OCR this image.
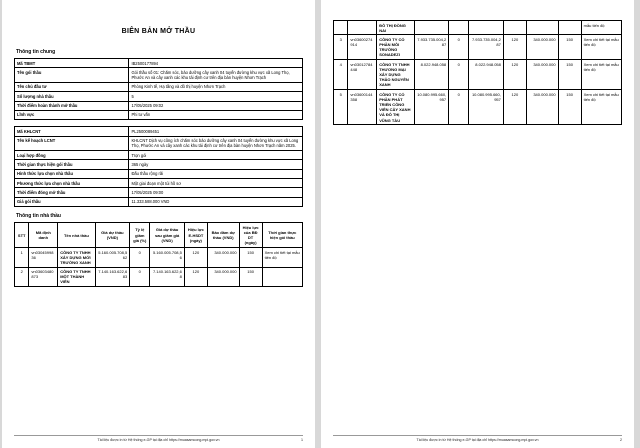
BIÊN BẢN MỞ THẦU
Thông tin chung
Mã TBMT	IB2500177894
Tên gói thầu	Gói thầu số 01: Chăm sóc, bảo dưỡng cây xanh 04 tuyến đường khu vực xã Long Thọ, Phước An và cây xanh các khu tái định cư trên địa bàn huyện Nhơn Trạch
Tên chủ đầu tư	Phòng Kinh tế, Hạ tầng và đô thị huyện Nhơn Trạch
Số lượng nhà thầu	5
Thời điểm hoàn thành mở thầu	17/05/2025 09:02
Lĩnh vực	Phi tư vấn
Mã KHLCNT	PL2500089451
Tên kế hoạch LCNT	KHLCNT Dịch vụ công ích chăm sóc bảo dưỡng cây xanh 04 tuyến đường khu vực xã Long Thọ, Phước An và cây xanh các khu tái định cư trên địa bàn huyện Nhơn Trạch năm 2025.
Loại hợp đồng	Trọn gói
Thời gian thực hiện gói thầu	365 ngày
Hình thức lựa chọn nhà thầu	Đấu thầu rộng rãi
Phương thức lựa chọn nhà thầu	Một giai đoạn một túi hồ sơ
Thời điểm đóng mở thầu	17/05/2025 09:00
Giá gói thầu	11.333.588.000 VND
Thông tin nhà thầu
STT	Mã định danh	Tên nhà thầu	Giá dự thầu (VND)	Tỷ lệ giảm giá (%)	Giá dự thầu sau giảm giá (VND)	Hiệu lực E-HSDT (ngày)	Bảo đảm dự thầu (VND)	Hiệu lực của BĐ DT (ngày)	Thời gian thực hiện gói thầu
1	vn0304599836	CÔNG TY TNHH XÂY DỰNG MỚI TRƯỜNG XANH	5.160.005.708,562	0	5.160.005.708,56	120	340.000.000	150	Xem chi tiết tại mẫu tiên độ
2	vn03603480873	CÔNG TY TNHH MỘT THÀNH VIÊN	7.140.163.622,683	0	7.140.163.622,68	120	340.000.000	150	
Tài liệu được in từ Hệ thống e-GP tại địa chỉ https://muasamcong.mpi.gov.vn	1
		ĐÔ THỊ ĐỒNG NAI							mẫu tiến độ
3	vn03600274914	CÔNG TY CỔ PHẦN MÔI TRƯỜNG SONADEZI	7.933.735.004,287	0	7.933.735.004,287	120	340.000.000	150	Xem chi tiết tại mẫu tiến độ
4	vn03012784448	CÔNG TY TNHH THƯƠNG MẠI XÂY DỰNG THẢO NGUYÊN XANH	8.022.948.058	0	8.022.948.058	120	340.000.000	150	Xem chi tiết tại mẫu tiến độ
5	vn03600144358	CÔNG TY CỔ PHẦN PHÁT TRIỂN CÔNG VIÊN CÂY XANH VÀ ĐÔ THỊ VŨNG TÀU	10.080.995.660,957	0	10.080.995.660,957	120	340.000.000	150	Xem chi tiết tại mẫu tiến độ
Tài liệu được in từ Hệ thống e-GP tại địa chỉ https://muasamcong.mpi.gov.vn	2
